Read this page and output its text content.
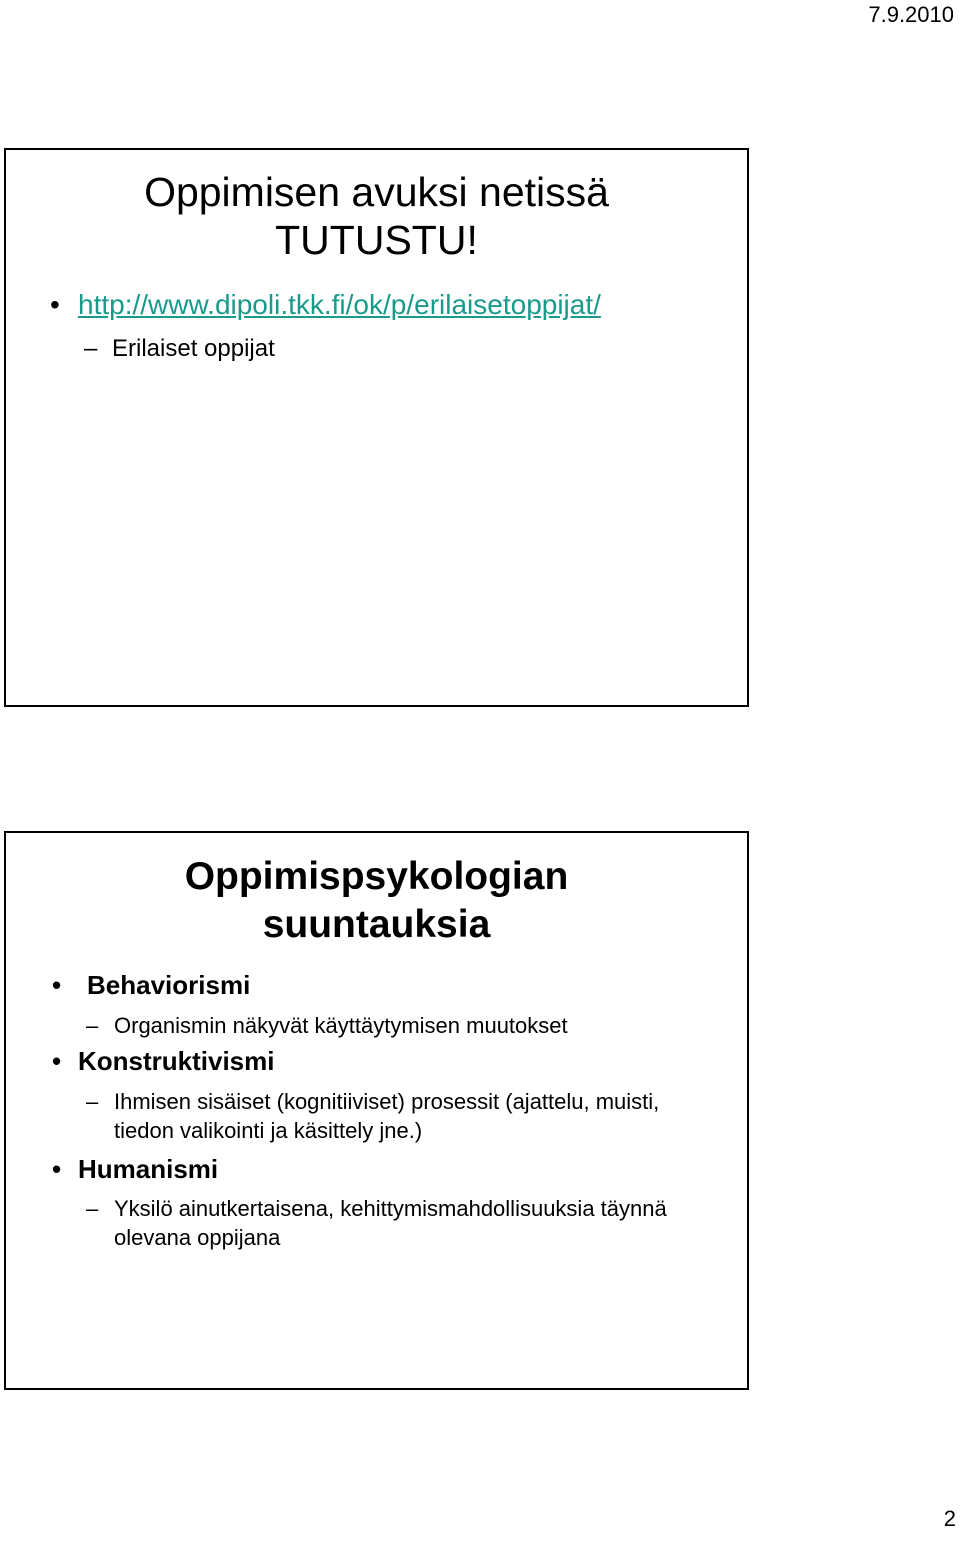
7.9.2010
Oppimisen avuksi netissä
TUTUSTU!
• http://www.dipoli.tkk.fi/ok/p/erilaisetoppijat/
– Erilaiset oppijat
Oppimispsykologian
suuntauksia
• Behaviorismi
– Organismin näkyvät käyttäytymisen muutokset
• Konstruktivismi
– Ihmisen sisäiset (kognitiiviset) prosessit (ajattelu, muisti, tiedon valikointi ja käsittely jne.)
• Humanismi
– Yksilö ainutkertaisena, kehittymismahdollisuuksia täynnä olevana oppijana
2
